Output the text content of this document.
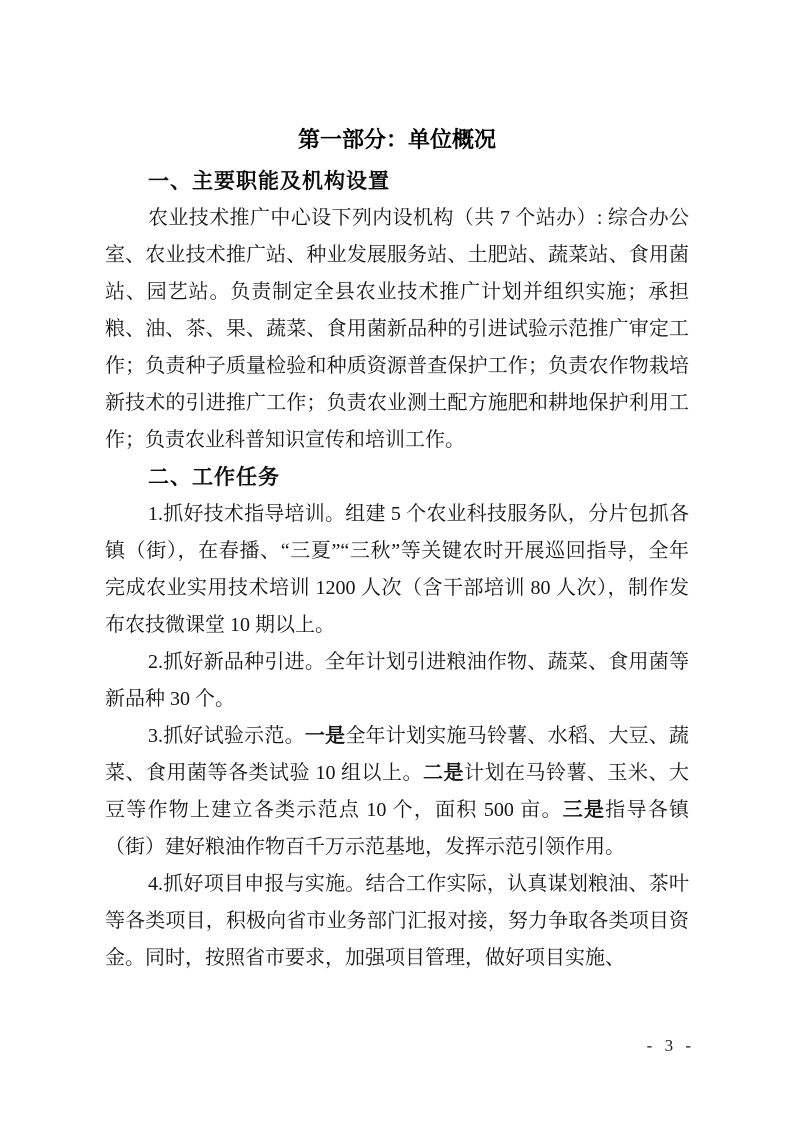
第一部分：单位概况
一、主要职能及机构设置

农业技术推广中心设下列内设机构（共 7 个站办）: 综合办公室、农业技术推广站、种业发展服务站、土肥站、蔬菜站、食用菌站、园艺站。负责制定全县农业技术推广计划并组织实施；承担粮、油、茶、果、蔬菜、食用菌新品种的引进试验示范推广审定工作；负责种子质量检验和种质资源普查保护工作；负责农作物栽培新技术的引进推广工作；负责农业测土配方施肥和耕地保护利用工作；负责农业科普知识宣传和培训工作。

二、工作任务

1.抓好技术指导培训。组建 5 个农业科技服务队，分片包抓各镇（街），在春播、“三夏”“三秋”等关键农时开展巡回指导，全年完成农业实用技术培训 1200 人次（含干部培训 80 人次），制作发布农技微课堂 10 期以上。

2.抓好新品种引进。全年计划引进粮油作物、蔬菜、食用菌等新品种 30 个。

3.抓好试验示范。一是全年计划实施马铃薯、水稻、大豆、蔬菜、食用菌等各类试验 10 组以上。二是计划在马铃薯、玉米、大豆等作物上建立各类示范点 10 个，面积 500 亩。三是指导各镇（街）建好粮油作物百千万示范基地，发挥示范引领作用。

4.抓好项目申报与实施。结合工作实际，认真谋划粮油、茶叶等各类项目，积极向省市业务部门汇报对接，努力争取各类项目资金。同时，按照省市要求，加强项目管理，做好项目实施、

- 3 -
